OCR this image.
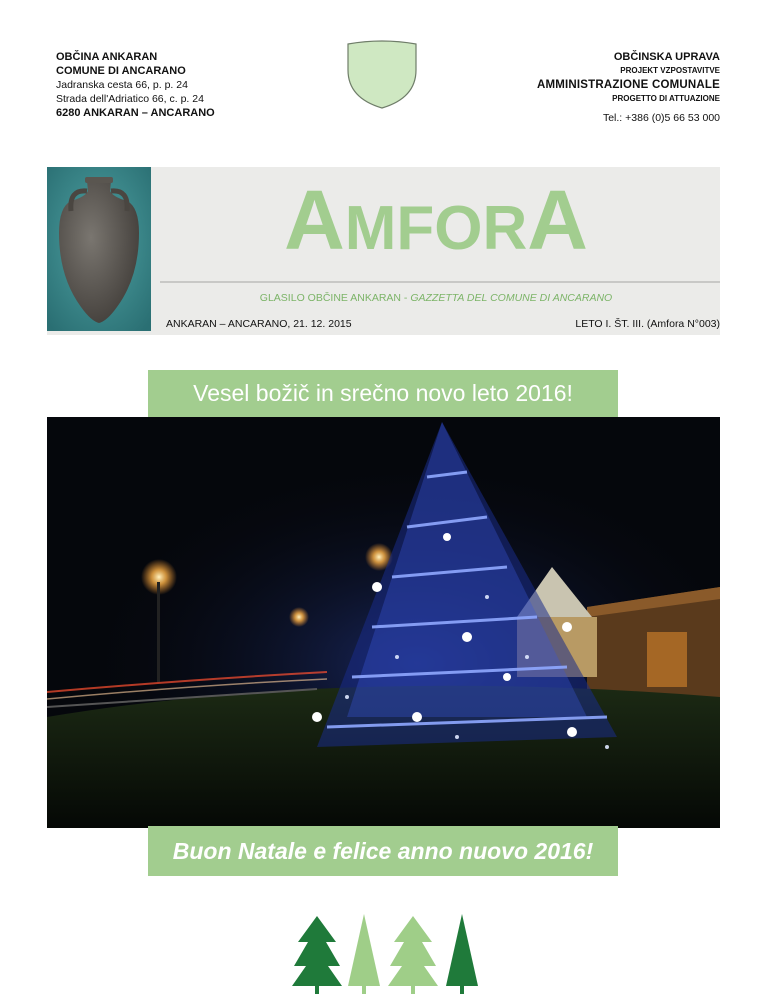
OBČINA ANKARAN
COMUNE DI ANCARANO
Jadranska cesta 66, p. p. 24
Strada dell'Adriatico 66, c. p. 24
6280 ANKARAN – ANCARANO
OBČINSKA UPRAVA
PROJEKT VZPOSTAVITVE
AMMINISTRAZIONE COMUNALE
PROGETTO DI ATTUAZIONE
Tel.: +386 (0)5 66 53 000
AMFORA
GLASILO OBČINE ANKARAN - GAZZETTA DEL COMUNE DI ANCARANO
ANKARAN – ANCARANO, 21. 12. 2015	LETO I. ŠT. III. (Amfora N°003)
Vesel božič in srečno novo leto 2016!
Buon Natale e felice anno nuovo 2016!
